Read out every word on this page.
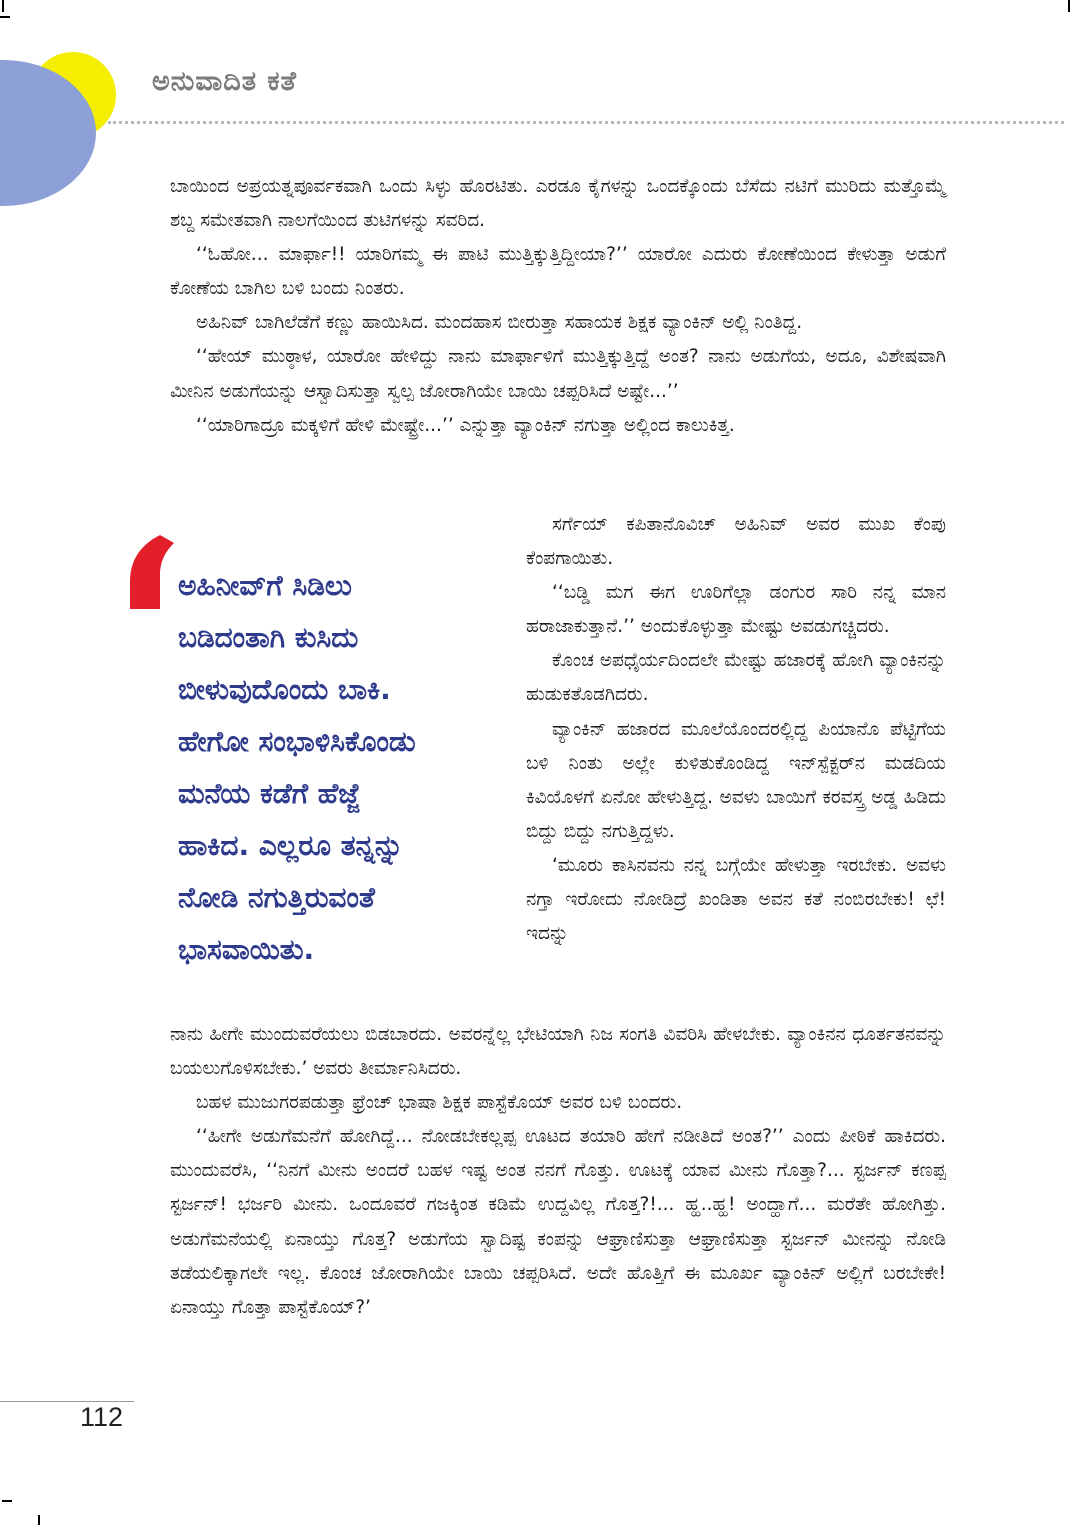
ಅನುವಾದಿತ ಕತೆ

ಬಾಯಿಂದ ಅಪ್ರಯತ್ನಪೂರ್ವಕವಾಗಿ ಒಂದು ಸಿಳ್ಳು ಹೊರಟಿತು. ಎರಡೂ ಕೈಗಳನ್ನು ಒಂದಕ್ಕೊಂದು ಬೆಸೆದು ನಟಿಗೆ ಮುರಿದು ಮತ್ತೊಮ್ಮೆ ಶಬ್ದ ಸಮೇತವಾಗಿ ನಾಲಗೆಯಿಂದ ತುಟಿಗಳನ್ನು ಸವರಿದ.

‘‘ಓಹೋ... ಮಾರ್ಫಾ!! ಯಾರಿಗಮ್ಮ ಈ ಪಾಟಿ ಮುತ್ತಿಕ್ಕುತ್ತಿದ್ದೀಯಾ?’’ ಯಾರೋ ಎದುರು ಕೋಣೆಯಿಂದ ಕೇಳುತ್ತಾ ಅಡುಗೆ ಕೋಣೆಯ ಬಾಗಿಲ ಬಳಿ ಬಂದು ನಿಂತರು.

ಅಹಿನಿವ್ ಬಾಗಿಲೆಡೆಗೆ ಕಣ್ಣು ಹಾಯಿಸಿದ. ಮಂದಹಾಸ ಬೀರುತ್ತಾ ಸಹಾಯಕ ಶಿಕ್ಷಕ ವ್ಯಾಂಕಿನ್ ಅಲ್ಲಿ ನಿಂತಿದ್ದ.

‘‘ಹೇಯ್ ಮುಠ್ಠಾಳ, ಯಾರೋ ಹೇಳಿದ್ದು ನಾನು ಮಾರ್ಫಾಳಿಗೆ ಮುತ್ತಿಕ್ಕುತ್ತಿದ್ದೆ ಅಂತ? ನಾನು ಅಡುಗೆಯ, ಅದೂ, ವಿಶೇಷವಾಗಿ ಮೀನಿನ ಅಡುಗೆಯನ್ನು ಆಸ್ವಾದಿಸುತ್ತಾ ಸ್ವಲ್ಪ ಜೋರಾಗಿಯೇ ಬಾಯಿ ಚಪ್ಪರಿಸಿದೆ ಅಷ್ಟೇ...’’

‘‘ಯಾರಿಗಾದ್ರೂ ಮಕ್ಕಳಿಗೆ ಹೇಳಿ ಮೇಷ್ಟ್ರೇ...’’ ಎನ್ನುತ್ತಾ ವ್ಯಾಂಕಿನ್ ನಗುತ್ತಾ ಅಲ್ಲಿಂದ ಕಾಲುಕಿತ್ತ.

ಅಹಿನೀವ್‌ಗೆ ಸಿಡಿಲು
ಬಡಿದಂತಾಗಿ ಕುಸಿದು
ಬೀಳುವುದೊಂದು ಬಾಕಿ.
ಹೇಗೋ ಸಂಭಾಳಿಸಿಕೊಂಡು
ಮನೆಯ ಕಡೆಗೆ ಹೆಜ್ಜೆ
ಹಾಕಿದ. ಎಲ್ಲರೂ ತನ್ನನ್ನು
ನೋಡಿ ನಗುತ್ತಿರುವಂತೆ
ಭಾಸವಾಯಿತು.

ಸರ್ಗೆಯ್ ಕಪಿತಾನೊವಿಚ್ ಅಹಿನಿವ್ ಅವರ ಮುಖ ಕೆಂಪು ಕೆಂಪಗಾಯಿತು.

‘‘ಬಡ್ಡಿ ಮಗ ಈಗ ಊರಿಗೆಲ್ಲಾ ಡಂಗುರ ಸಾರಿ ನನ್ನ ಮಾನ ಹರಾಜಾಕುತ್ತಾನೆ.’’ ಅಂದುಕೊಳ್ಳುತ್ತಾ ಮೇಷ್ಟು ಅವಡುಗಚ್ಚಿದರು.

ಕೊಂಚ ಅಪಧೈರ್ಯದಿಂದಲೇ ಮೇಷ್ಟು ಹಜಾರಕ್ಕೆ ಹೋಗಿ ವ್ಯಾಂಕಿನನ್ನು ಹುಡುಕತೊಡಗಿದರು.

ವ್ಯಾಂಕಿನ್ ಹಜಾರದ ಮೂಲೆಯೊಂದರಲ್ಲಿದ್ದ ಪಿಯಾನೊ ಪೆಟ್ಟಿಗೆಯ ಬಳಿ ನಿಂತು ಅಲ್ಲೇ ಕುಳಿತುಕೊಂಡಿದ್ದ ಇನ್‌ಸ್ಪೆಕ್ಟರ್‌ನ ಮಡದಿಯ ಕಿವಿಯೊಳಗೆ ಏನೋ ಹೇಳುತ್ತಿದ್ದ. ಅವಳು ಬಾಯಿಗೆ ಕರವಸ್ತ್ರ ಅಡ್ಡ ಹಿಡಿದು ಬಿದ್ದು ಬಿದ್ದು ನಗುತ್ತಿದ್ದಳು.

‘ಮೂರು ಕಾಸಿನವನು ನನ್ನ ಬಗ್ಗೆಯೇ ಹೇಳುತ್ತಾ ಇರಬೇಕು. ಅವಳು ನಗ್ತಾ ಇರೋದು ನೋಡಿದ್ರೆ ಖಂಡಿತಾ ಅವನ ಕತೆ ನಂಬಿರಬೇಕು! ಛೆ! ಇದನ್ನು

ನಾನು ಹೀಗೇ ಮುಂದುವರೆಯಲು ಬಿಡಬಾರದು. ಅವರನ್ನೆಲ್ಲ ಭೇಟಿಯಾಗಿ ನಿಜ ಸಂಗತಿ ವಿವರಿಸಿ ಹೇಳಬೇಕು. ವ್ಯಾಂಕಿನನ ಧೂರ್ತತನವನ್ನು ಬಯಲುಗೊಳಿಸಬೇಕು.’ ಅವರು ತೀರ್ಮಾನಿಸಿದರು.

ಬಹಳ ಮುಜುಗರಪಡುತ್ತಾ ಫ್ರೆಂಚ್ ಭಾಷಾ ಶಿಕ್ಷಕ ಪಾಸ್ಟೆಕೊಯ್ ಅವರ ಬಳಿ ಬಂದರು.

‘‘ಹೀಗೇ ಅಡುಗೆಮನೆಗೆ ಹೋಗಿದ್ದೆ... ನೋಡಬೇಕಲ್ಲಪ್ಪ ಊಟದ ತಯಾರಿ ಹೇಗೆ ನಡೀತಿದೆ ಅಂತ?’’ ಎಂದು ಪೀಠಿಕೆ ಹಾಕಿದರು. ಮುಂದುವರೆಸಿ, ‘‘ನಿನಗೆ ಮೀನು ಅಂದರೆ ಬಹಳ ಇಷ್ಟ ಅಂತ ನನಗೆ ಗೊತ್ತು. ಊಟಕ್ಕೆ ಯಾವ ಮೀನು ಗೊತ್ತಾ?... ಸ್ಟರ್ಜನ್ ಕಣಪ್ಪ ಸ್ಟರ್ಜನ್! ಭರ್ಜರಿ ಮೀನು. ಒಂದೂವರೆ ಗಜಕ್ಕಿಂತ ಕಡಿಮೆ ಉದ್ದವಿಲ್ಲ ಗೊತ್ತ?!... ಹ್ಹ..ಹ್ಹ! ಅಂದ್ಹಾಗೆ... ಮರೆತೇ ಹೋಗಿತ್ತು. ಅಡುಗೆಮನೆಯಲ್ಲಿ ಏನಾಯ್ತು ಗೊತ್ತ? ಅಡುಗೆಯ ಸ್ವಾದಿಷ್ಟ ಕಂಪನ್ನು ಆಘ್ರಾಣಿಸುತ್ತಾ ಆಘ್ರಾಣಿಸುತ್ತಾ ಸ್ಟರ್ಜನ್ ಮೀನನ್ನು ನೋಡಿ ತಡೆಯಲಿಕ್ಕಾಗಲೇ ಇಲ್ಲ. ಕೊಂಚ ಜೋರಾಗಿಯೇ ಬಾಯಿ ಚಪ್ಪರಿಸಿದೆ. ಅದೇ ಹೊತ್ತಿಗೆ ಈ ಮೂರ್ಖ ವ್ಯಾಂಕಿನ್ ಅಲ್ಲಿಗೆ ಬರಬೇಕೇ! ಏನಾಯ್ತು ಗೊತ್ತಾ ಪಾಸ್ಟೆಕೊಯ್?’

112
